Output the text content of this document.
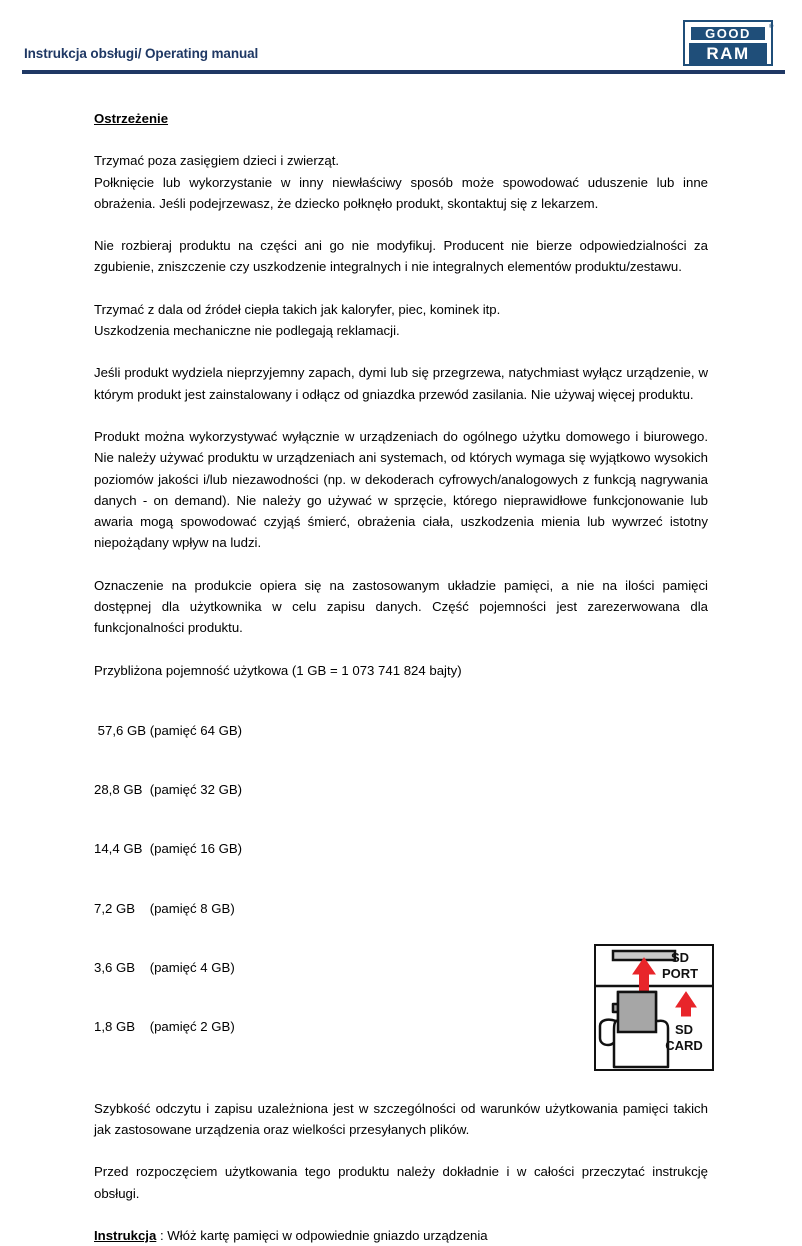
Instrukcja obsługi/ Operating manual
GOOD
RAM
®
Ostrzeżenie

Trzymać poza zasięgiem dzieci i zwierząt.

Połknięcie lub wykorzystanie w inny niewłaściwy sposób może spowodować uduszenie lub inne obrażenia. Jeśli podejrzewasz, że dziecko połknęło produkt, skontaktuj się z lekarzem.

Nie rozbieraj produktu na części ani go nie modyfikuj. Producent nie bierze odpowiedzialności za zgubienie, zniszczenie czy uszkodzenie integralnych i nie integralnych elementów produktu/zestawu.

Trzymać z dala od źródeł ciepła takich jak kaloryfer, piec, kominek itp.

Uszkodzenia mechaniczne nie podlegają reklamacji.

Jeśli produkt wydziela nieprzyjemny zapach, dymi lub się przegrzewa, natychmiast wyłącz urządzenie, w którym produkt jest zainstalowany i odłącz od gniazdka przewód zasilania. Nie używaj więcej produktu.

Produkt można wykorzystywać wyłącznie w urządzeniach do ogólnego użytku domowego i biurowego. Nie należy używać produktu w urządzeniach ani systemach, od których wymaga się wyjątkowo wysokich poziomów jakości i/lub niezawodności (np. w dekoderach cyfrowych/analogowych z funkcją nagrywania danych - on demand). Nie należy go używać w sprzęcie, którego nieprawidłowe funkcjonowanie lub awaria mogą spowodować czyjąś śmierć, obrażenia ciała, uszkodzenia mienia lub wywrzeć istotny niepożądany wpływ na ludzi.

Oznaczenie na produkcie opiera się na zastosowanym układzie pamięci, a nie na ilości pamięci dostępnej dla użytkownika w celu zapisu danych. Część pojemności jest zarezerwowana dla funkcjonalności produktu.

Przybliżona pojemność użytkowa (1 GB = 1 073 741 824 bajty)

57,6 GB (pamięć 64 GB)

28,8 GB  (pamięć 32 GB)

14,4 GB  (pamięć 16 GB)

7,2 GB    (pamięć 8 GB)

3,6 GB    (pamięć 4 GB)

1,8 GB    (pamięć 2 GB)

Szybkość odczytu i zapisu uzależniona jest w szczególności od warunków użytkowania pamięci takich jak zastosowane urządzenia oraz wielkości przesyłanych plików.

Przed rozpoczęciem użytkowania tego produktu należy dokładnie i w całości przeczytać instrukcję obsługi.

Instrukcja : Włóż kartę pamięci w odpowiednie gniazdo urządzenia
SD
PORT
SD
CARD
